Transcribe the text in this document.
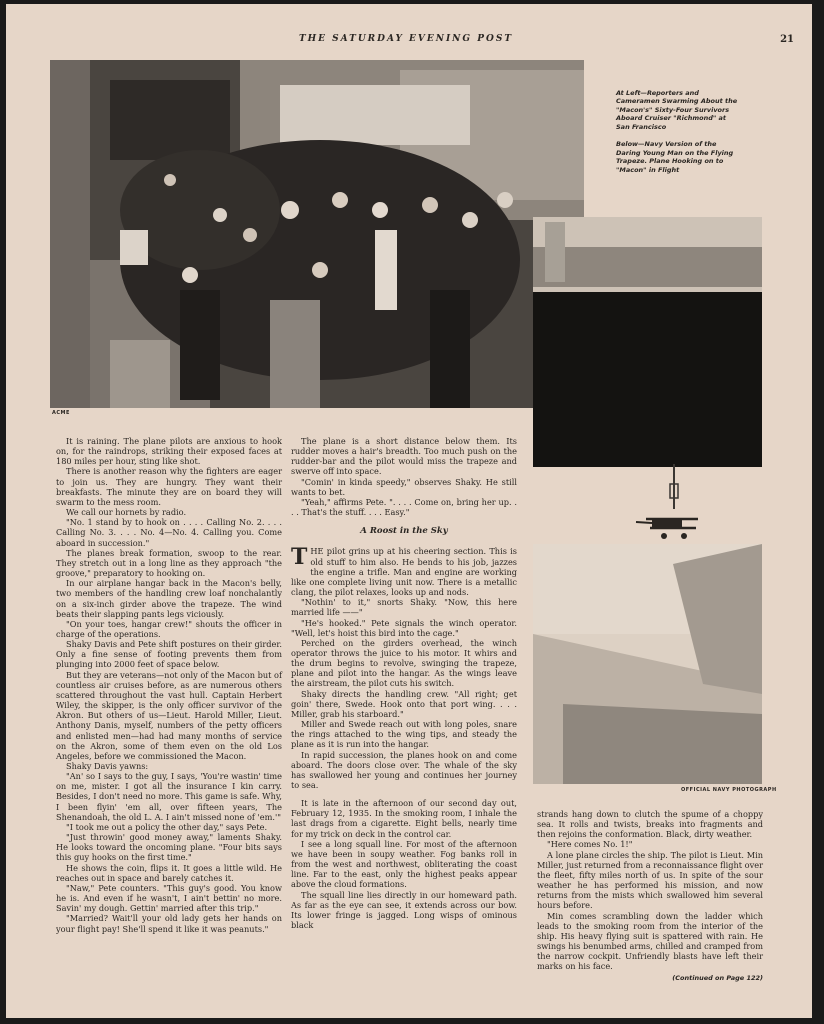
THE SATURDAY EVENING POST	21
ACME

At Left—Reporters and Cameramen Swarming About the "Macon's" Sixty-Four Survivors Aboard Cruiser "Richmond" at San Francisco

Below—Navy Version of the Daring Young Man on the Flying Trapeze. Plane Hooking on to "Macon" in Flight

OFFICIAL NAVY PHOTOGRAPH

It is raining. The plane pilots are anxious to hook on, for the raindrops, striking their exposed faces at 180 miles per hour, sting like shot.

There is another reason why the fighters are eager to join us. They are hungry. They want their breakfasts. The minute they are on board they will swarm to the mess room.

We call our hornets by radio.

"No. 1 stand by to hook on . . . . Calling No. 2. . . . Calling No. 3. . . . No. 4—No. 4. Calling you. Come aboard in succession."

The planes break formation, swoop to the rear. They stretch out in a long line as they approach "the groove," preparatory to hooking on.

In our airplane hangar back in the Macon's belly, two members of the handling crew loaf nonchalantly on a six-inch girder above the trapeze. The wind beats their slapping pants legs viciously.

"On your toes, hangar crew!" shouts the officer in charge of the operations.

Shaky Davis and Pete shift postures on their girder. Only a fine sense of footing prevents them from plunging into 2000 feet of space below.

But they are veterans—not only of the Macon but of countless air cruises before, as are numerous others scattered throughout the vast hull. Captain Herbert Wiley, the skipper, is the only officer survivor of the Akron. But others of us—Lieut. Harold Miller, Lieut. Anthony Danis, myself, numbers of the petty officers and enlisted men—had had many months of service on the Akron, some of them even on the old Los Angeles, before we commissioned the Macon.

Shaky Davis yawns:

"An' so I says to the guy, I says, 'You're wastin' time on me, mister. I got all the insurance I kin carry. Besides, I don't need no more. This game is safe. Why, I been flyin' 'em all, over fifteen years, The Shenandoah, the old L. A. I ain't missed none of 'em.'"

"I took me out a policy the other day," says Pete.

"Just throwin' good money away," laments Shaky. He looks toward the oncoming plane. "Four bits says this guy hooks on the first time."

He shows the coin, flips it. It goes a little wild. He reaches out in space and barely catches it.

"Naw," Pete counters. "This guy's good. You know he is. And even if he wasn't, I ain't bettin' no more. Savin' my dough. Gettin' married after this trip."

"Married? Wait'll your old lady gets her hands on your flight pay! She'll spend it like it was peanuts."

The plane is a short distance below them. Its rudder moves a hair's breadth. Too much push on the rudder-bar and the pilot would miss the trapeze and swerve off into space.

"Comin' in kinda speedy," observes Shaky. He still wants to bet.

"Yeah," affirms Pete. ". . . . Come on, bring her up. . . . That's the stuff. . . . Easy."

A Roost in the Sky

THE pilot grins up at his cheering section. This is old stuff to him also. He bends to his job, jazzes the engine a trifle. Man and engine are working like one complete living unit now. There is a metallic clang, the pilot relaxes, looks up and nods.

"Nothin' to it," snorts Shaky. "Now, this here married life ——"

"He's hooked." Pete signals the winch operator. "Well, let's hoist this bird into the cage."

Perched on the girders overhead, the winch operator throws the juice to his motor. It whirs and the drum begins to revolve, swinging the trapeze, plane and pilot into the hangar. As the wings leave the airstream, the pilot cuts his switch.

Shaky directs the handling crew. "All right; get goin' there, Swede. Hook onto that port wing. . . . Miller, grab his starboard."

Miller and Swede reach out with long poles, snare the rings attached to the wing tips, and steady the plane as it is run into the hangar.

In rapid succession, the planes hook on and come aboard. The doors close over. The whale of the sky has swallowed her young and continues her journey to sea.

It is late in the afternoon of our second day out, February 12, 1935. In the smoking room, I inhale the last drags from a cigarette. Eight bells, nearly time for my trick on deck in the control car.

I see a long squall line. For most of the afternoon we have been in soupy weather. Fog banks roll in from the west and northwest, obliterating the coast line. Far to the east, only the highest peaks appear above the cloud formations.

The squall line lies directly in our homeward path. As far as the eye can see, it extends across our bow. Its lower fringe is jagged. Long wisps of ominous black

strands hang down to clutch the spume of a choppy sea. It rolls and twists, breaks into fragments and then rejoins the conformation. Black, dirty weather.

"Here comes No. 1!"

A lone plane circles the ship. The pilot is Lieut. Min Miller, just returned from a reconnaissance flight over the fleet, fifty miles north of us. In spite of the sour weather he has performed his mission, and now returns from the mists which swallowed him several hours before.

Min comes scrambling down the ladder which leads to the smoking room from the interior of the ship. His heavy flying suit is spattered with rain. He swings his benumbed arms, chilled and cramped from the narrow cockpit. Unfriendly blasts have left their marks on his face.

(Continued on Page 122)
